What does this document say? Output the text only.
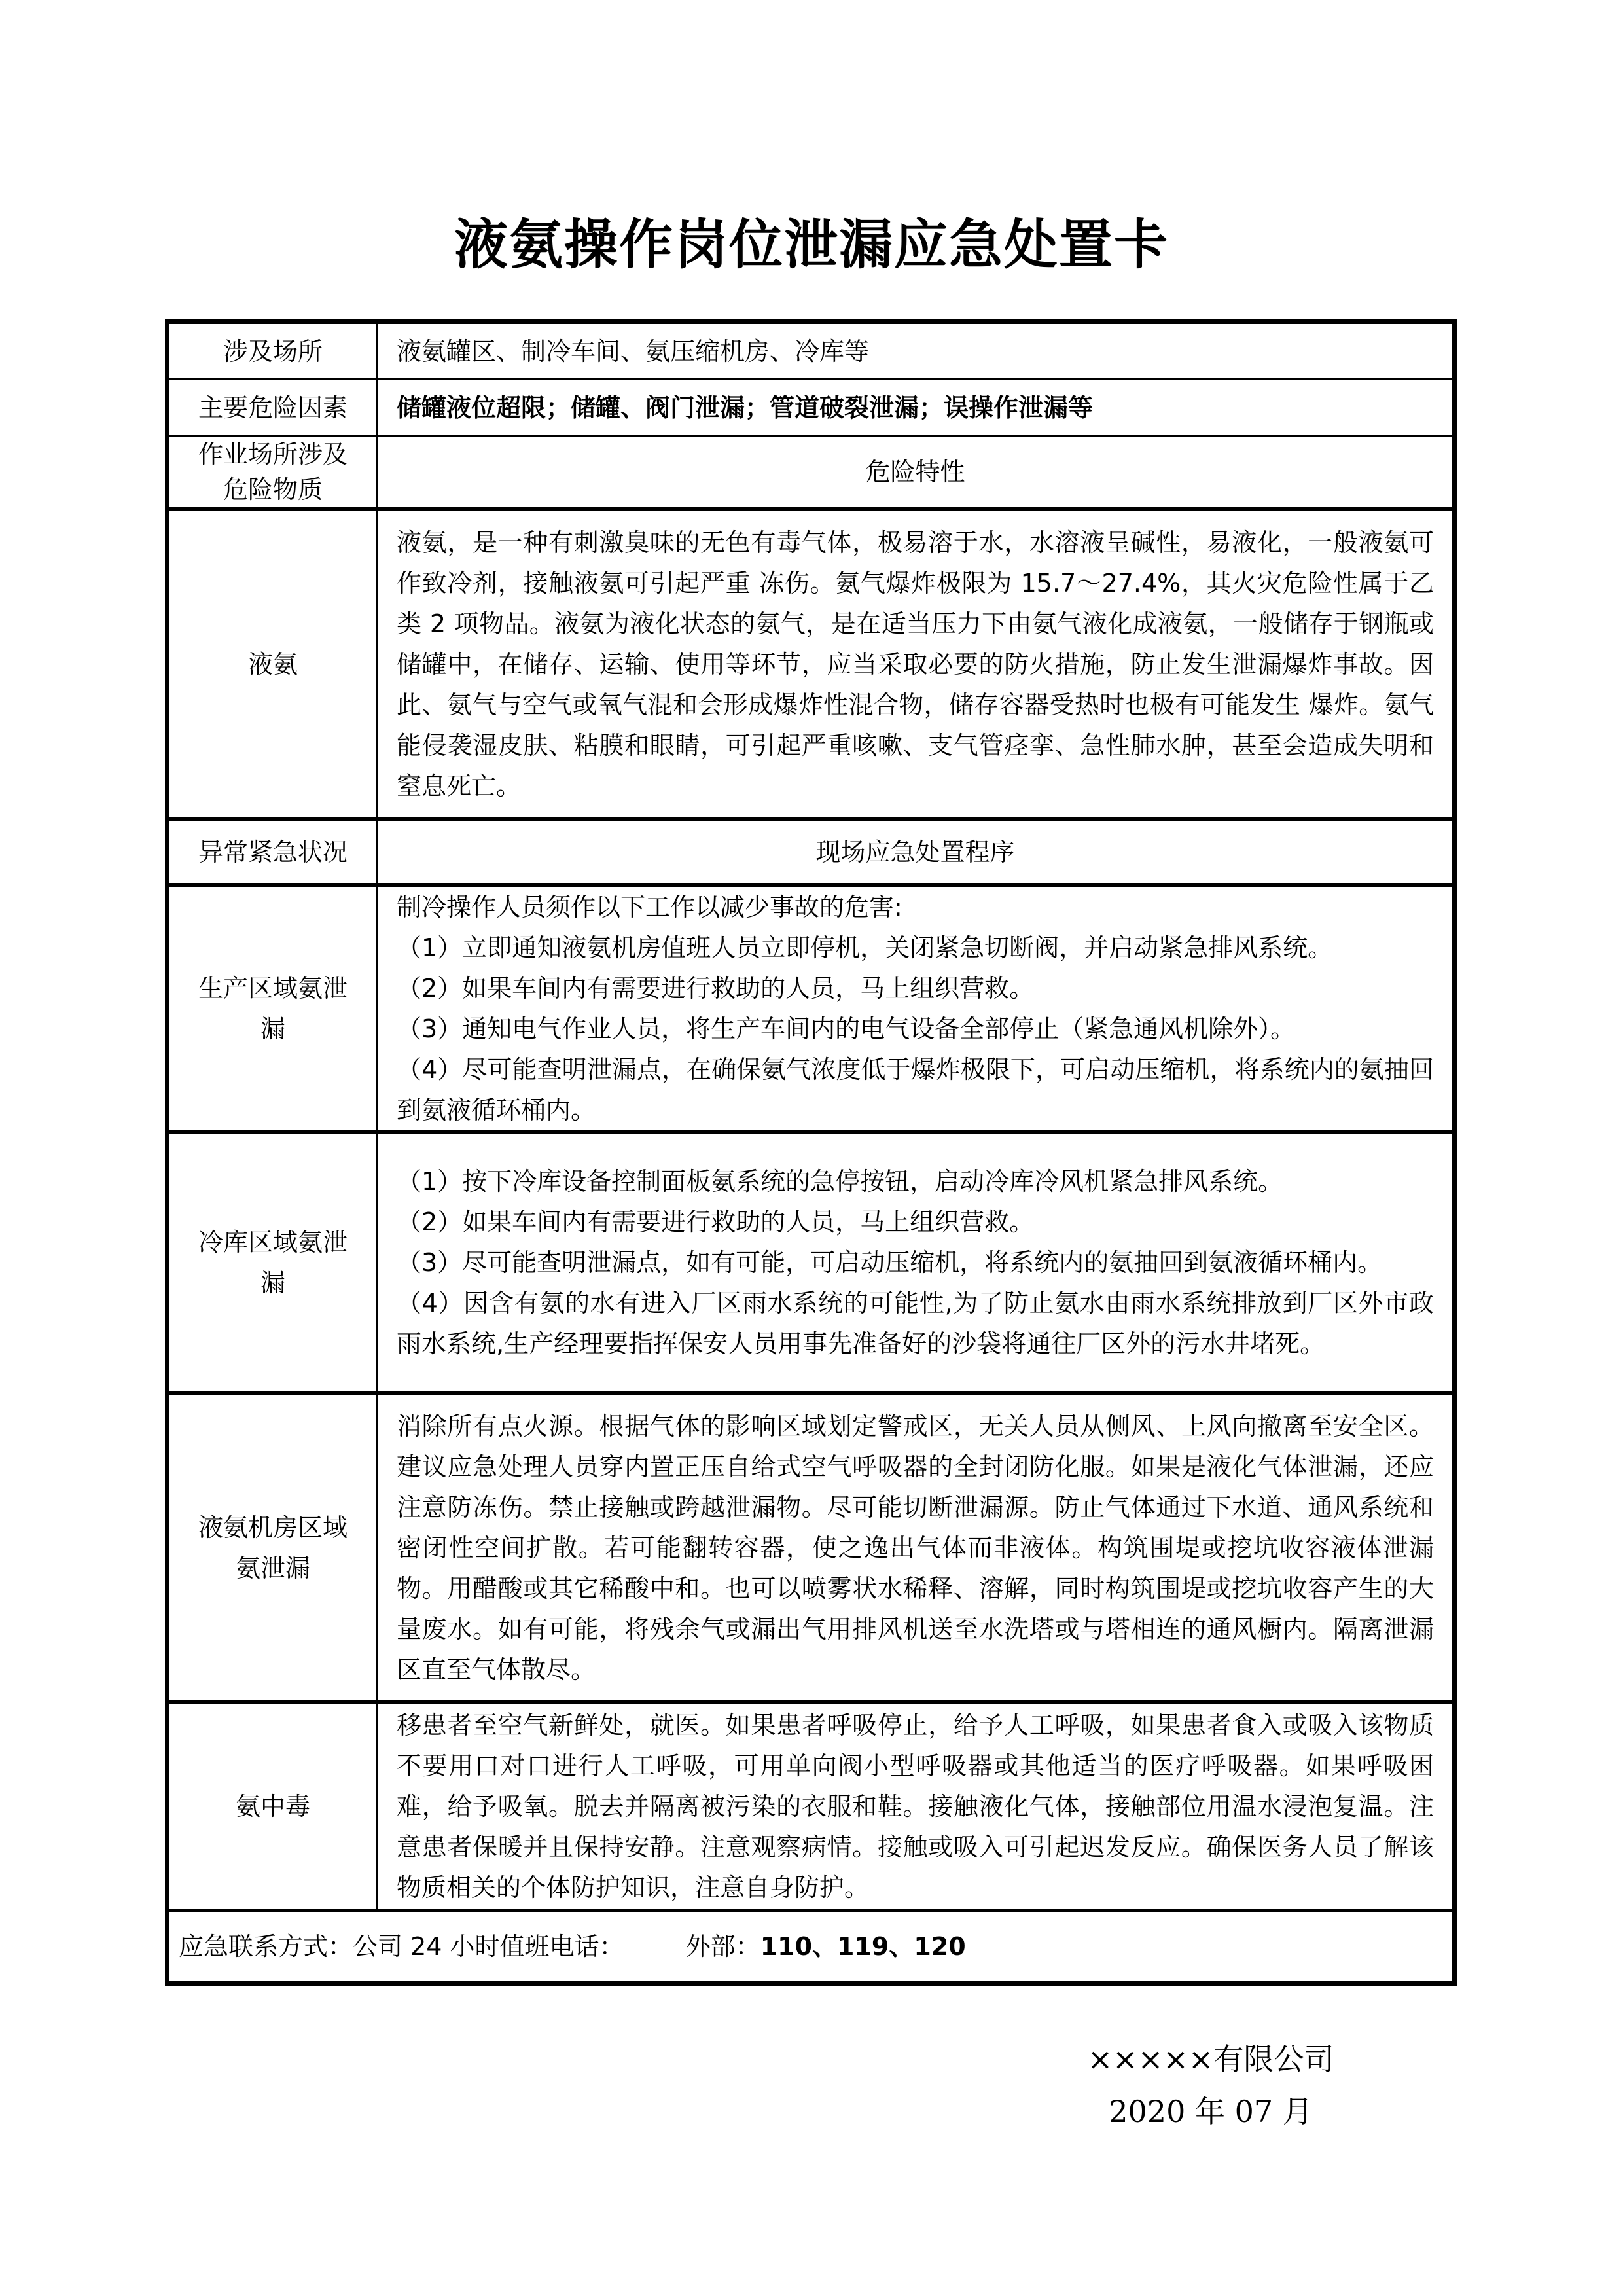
液氨操作岗位泄漏应急处置卡
涉及场所	液氨罐区、制冷车间、氨压缩机房、冷库等
主要危险因素	储罐液位超限；储罐、阀门泄漏；管道破裂泄漏；误操作泄漏等
作业场所涉及危险物质	危险特性
液氨	液氨，是一种有刺激臭味的无色有毒气体，极易溶于水，水溶液呈碱性，易液化，一般液氨可作致冷剂，接触液氨可引起严重 冻伤。氨气爆炸极限为 15.7～27.4%，其火灾危险性属于乙类 2 项物品。液氨为液化状态的氨气，是在适当压力下由氨气液化成液氨，一般储存于钢瓶或储罐中，在储存、运输、使用等环节，应当采取必要的防火措施，防止发生泄漏爆炸事故。因 此、氨气与空气或氧气混和会形成爆炸性混合物，储存容器受热时也极有可能发生 爆炸。氨气能侵袭湿皮肤、粘膜和眼睛，可引起严重咳嗽、支气管痉挛、急性肺水肿，甚至会造成失明和窒息死亡。
异常紧急状况	现场应急处置程序
生产区域氨泄漏	制冷操作人员须作以下工作以减少事故的危害:

（1）立即通知液氨机房值班人员立即停机，关闭紧急切断阀，并启动紧急排风系统。

（2）如果车间内有需要进行救助的人员，马上组织营救。

（3）通知电气作业人员，将生产车间内的电气设备全部停止（紧急通风机除外）。

（4）尽可能查明泄漏点，在确保氨气浓度低于爆炸极限下，可启动压缩机，将系统内的氨抽回到氨液循环桶内。

冷库区域氨泄漏	（1）按下冷库设备控制面板氨系统的急停按钮，启动冷库冷风机紧急排风系统。

（2）如果车间内有需要进行救助的人员，马上组织营救。

（3）尽可能查明泄漏点，如有可能，可启动压缩机，将系统内的氨抽回到氨液循环桶内。

（4）因含有氨的水有进入厂区雨水系统的可能性,为了防止氨水由雨水系统排放到厂区外市政雨水系统,生产经理要指挥保安人员用事先准备好的沙袋将通往厂区外的污水井堵死。

液氨机房区域氨泄漏	消除所有点火源。根据气体的影响区域划定警戒区，无关人员从侧风、上风向撤离至安全区。建议应急处理人员穿内置正压自给式空气呼吸器的全封闭防化服。如果是液化气体泄漏，还应注意防冻伤。禁止接触或跨越泄漏物。尽可能切断泄漏源。防止气体通过下水道、通风系统和密闭性空间扩散。若可能翻转容器，使之逸出气体而非液体。构筑围堤或挖坑收容液体泄漏物。用醋酸或其它稀酸中和。也可以喷雾状水稀释、溶解，同时构筑围堤或挖坑收容产生的大量废水。如有可能，将残余气或漏出气用排风机送至水洗塔或与塔相连的通风橱内。隔离泄漏区直至气体散尽。
氨中毒	移患者至空气新鲜处，就医。如果患者呼吸停止，给予人工呼吸，如果患者食入或吸入该物质不要用口对口进行人工呼吸，可用单向阀小型呼吸器或其他适当的医疗呼吸器。如果呼吸困难，给予吸氧。脱去并隔离被污染的衣服和鞋。接触液化气体，接触部位用温水浸泡复温。注意患者保暖并且保持安静。注意观察病情。接触或吸入可引起迟发反应。确保医务人员了解该物质相关的个体防护知识，注意自身防护。
应急联系方式：公司 24 小时值班电话： 外部：110、119、120	
×××××有限公司
2020 年 07 月
